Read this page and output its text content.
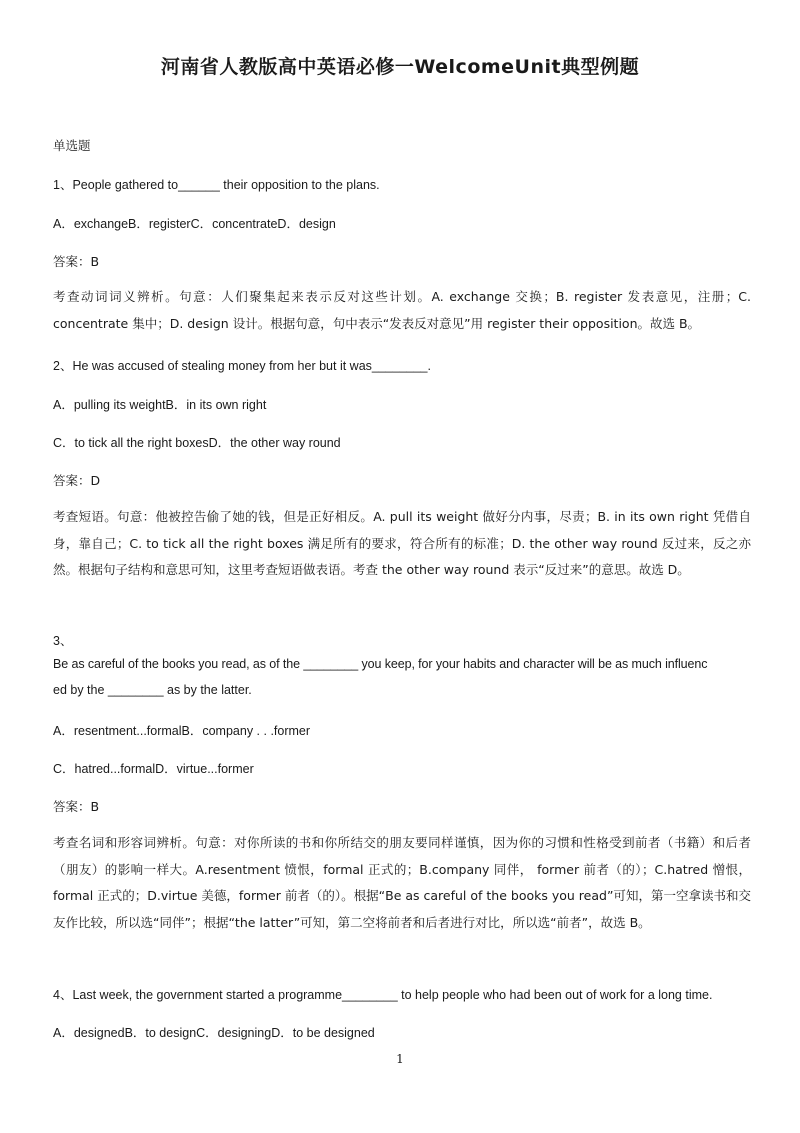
河南省人教版高中英语必修一WelcomeUnit典型例题
单选题
1、People gathered to______ their opposition to the plans.
A．exchangeB．registerC．concentrateD．design
答案：B
考查动词词义辨析。句意：人们聚集起来表示反对这些计划。A. exchange 交换；B. register 发表意见，注册；C. concentrate 集中；D. design 设计。根据句意，句中表示“发表反对意见”用 register their opposition。故选 B。
2、He was accused of stealing money from her but it was________.
A．pulling its weightB．in its own right
C．to tick all the right boxesD．the other way round
答案：D
考查短语。句意：他被控告偷了她的钱，但是正好相反。A. pull its weight 做好分内事，尽责；B. in its own right 凭借自身，靠自己；C. to tick all the right boxes 满足所有的要求，符合所有的标准；D. the other way round 反过来，反之亦然。根据句子结构和意思可知，这里考查短语做表语。考查 the other way round 表示“反过来”的意思。故选 D。
3、
Be as careful of the books you read, as of the ________ you keep, for your habits and character will be as much influenc
ed by the ________ as by the latter.
A．resentment...formalB．company . . .former
C．hatred...formalD．virtue...former
答案：B
考查名词和形容词辨析。句意：对你所读的书和你所结交的朋友要同样谨慎，因为你的习惯和性格受到前者（书籍）和后者（朋友）的影响一样大。A.resentment 愤恨，formal 正式的；B.company 同伴， former 前者（的）；C.hatred 憎恨，formal 正式的；D.virtue 美德，former 前者（的）。根据“Be as careful of the books you read”可知，第一空拿读书和交友作比较，所以选“同伴”；根据“the latter”可知，第二空将前者和后者进行对比，所以选“前者”，故选 B。
4、Last week, the government started a programme________ to help people who had been out of work for a long time.
A．designedB．to designC．designingD．to be designed
1
